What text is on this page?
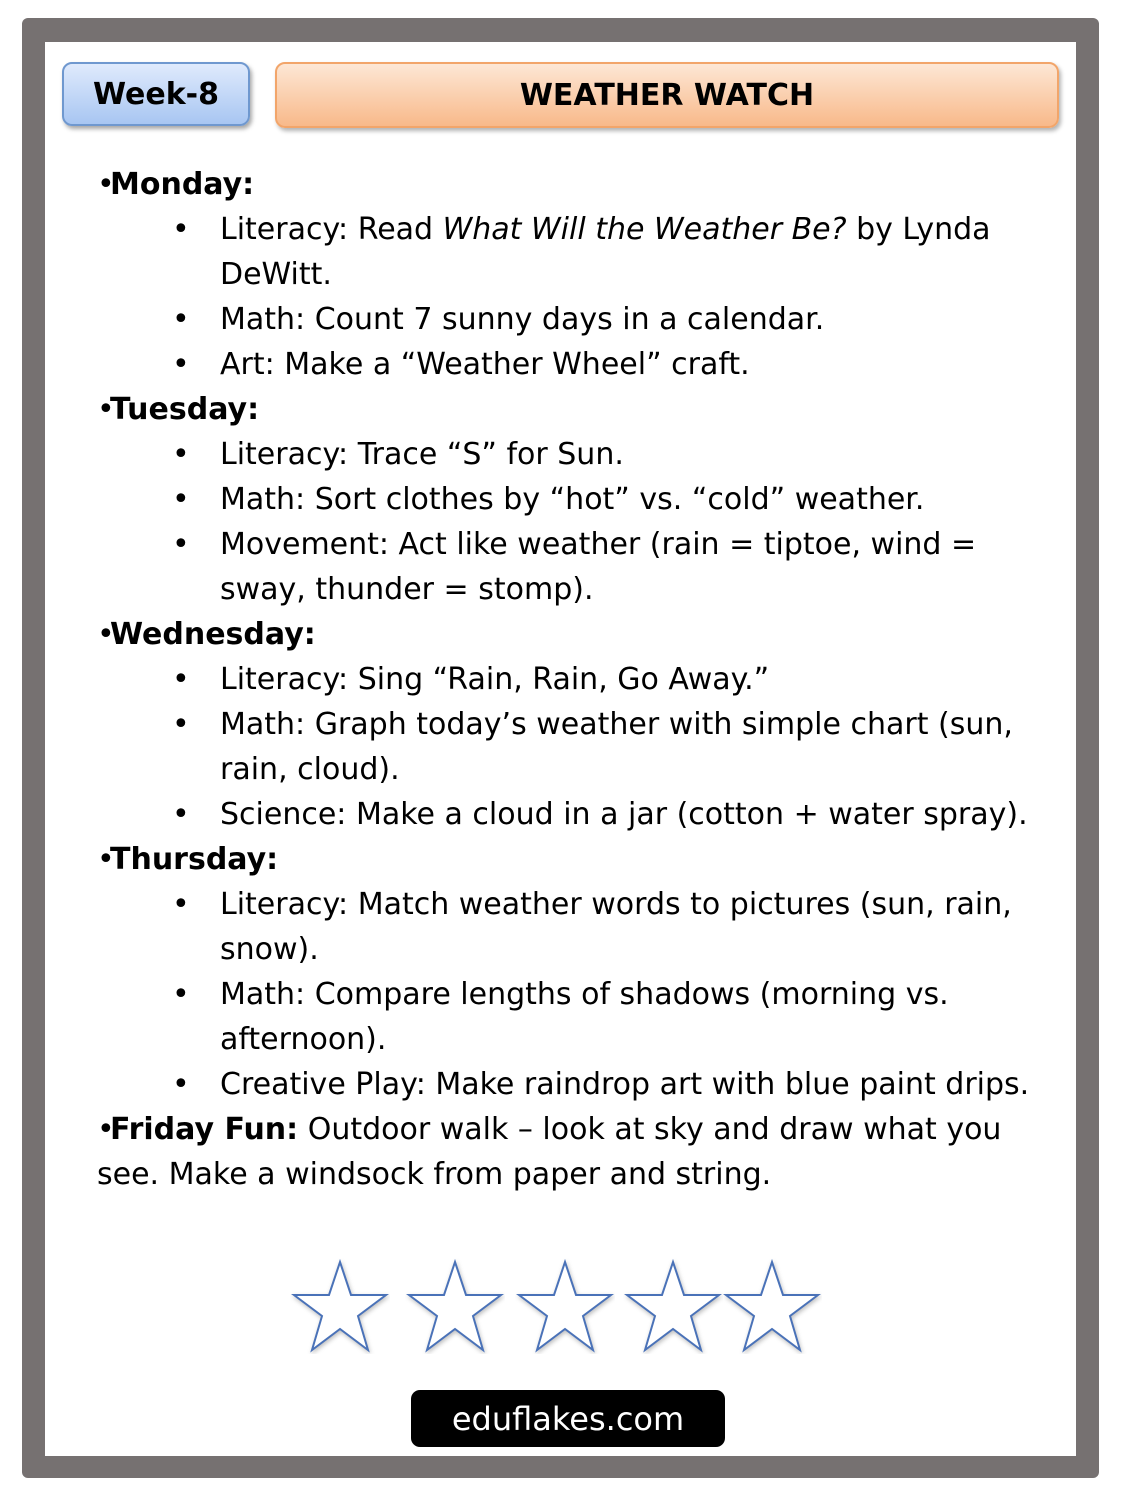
Week-8	WEATHER WATCH

•Monday:

• Literacy: Read What Will the Weather Be? by Lynda DeWitt.
• Math: Count 7 sunny days in a calendar.
• Art: Make a “Weather Wheel” craft.

•Tuesday:

• Literacy: Trace “S” for Sun.
• Math: Sort clothes by “hot” vs. “cold” weather.
• Movement: Act like weather (rain = tiptoe, wind = sway, thunder = stomp).

•Wednesday:

• Literacy: Sing “Rain, Rain, Go Away.”
• Math: Graph today’s weather with simple chart (sun, rain, cloud).
• Science: Make a cloud in a jar (cotton + water spray).

•Thursday:

• Literacy: Match weather words to pictures (sun, rain, snow).
• Math: Compare lengths of shadows (morning vs. afternoon).
• Creative Play: Make raindrop art with blue paint drips.

•Friday Fun: Outdoor walk – look at sky and draw what you see. Make a windsock from paper and string.

eduflakes.com
